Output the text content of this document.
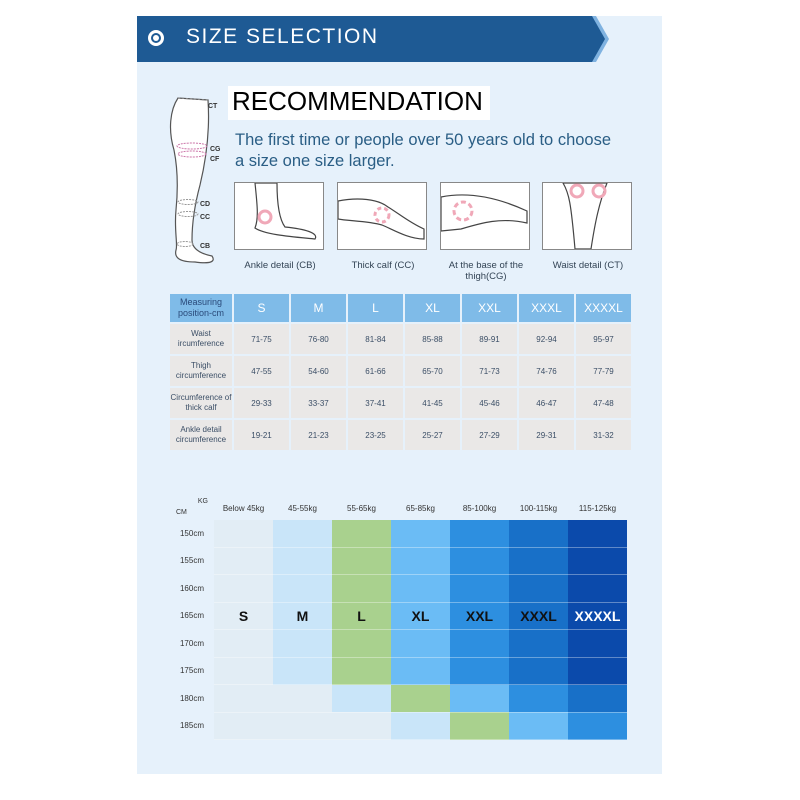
SIZE SELECTION
RECOMMENDATION
The first time or people over 50 years old to choose a size one size larger.
CT
CG
CF
CD
CC
CB
Ankle detail (CB)	Thick calf (CC)	At the base of the thigh(CG)
Waist detail (CT)
Measuring position-cm	S	M	L	XL	XXL	XXXL	XXXXL
Waist ircumference	71-75	76-80	81-84	85-88	89-91	92-94	95-97
Thigh circumference	47-55	54-60	61-66	65-70	71-73	74-76	77-79
Circumference of thick calf	29-33	33-37	37-41	41-45	45-46	46-47	47-48
Ankle detail circumference	19-21	21-23	23-25	25-27	27-29	29-31	31-32
KG
CM	Below 45kg	45-55kg	55-65kg	65-85kg	85-100kg	100-115kg	115-125kg
150cm							
155cm							
160cm							
165cm	S	M	L	XL	XXL	XXXL	XXXXL
170cm							
175cm							
180cm							
185cm							
